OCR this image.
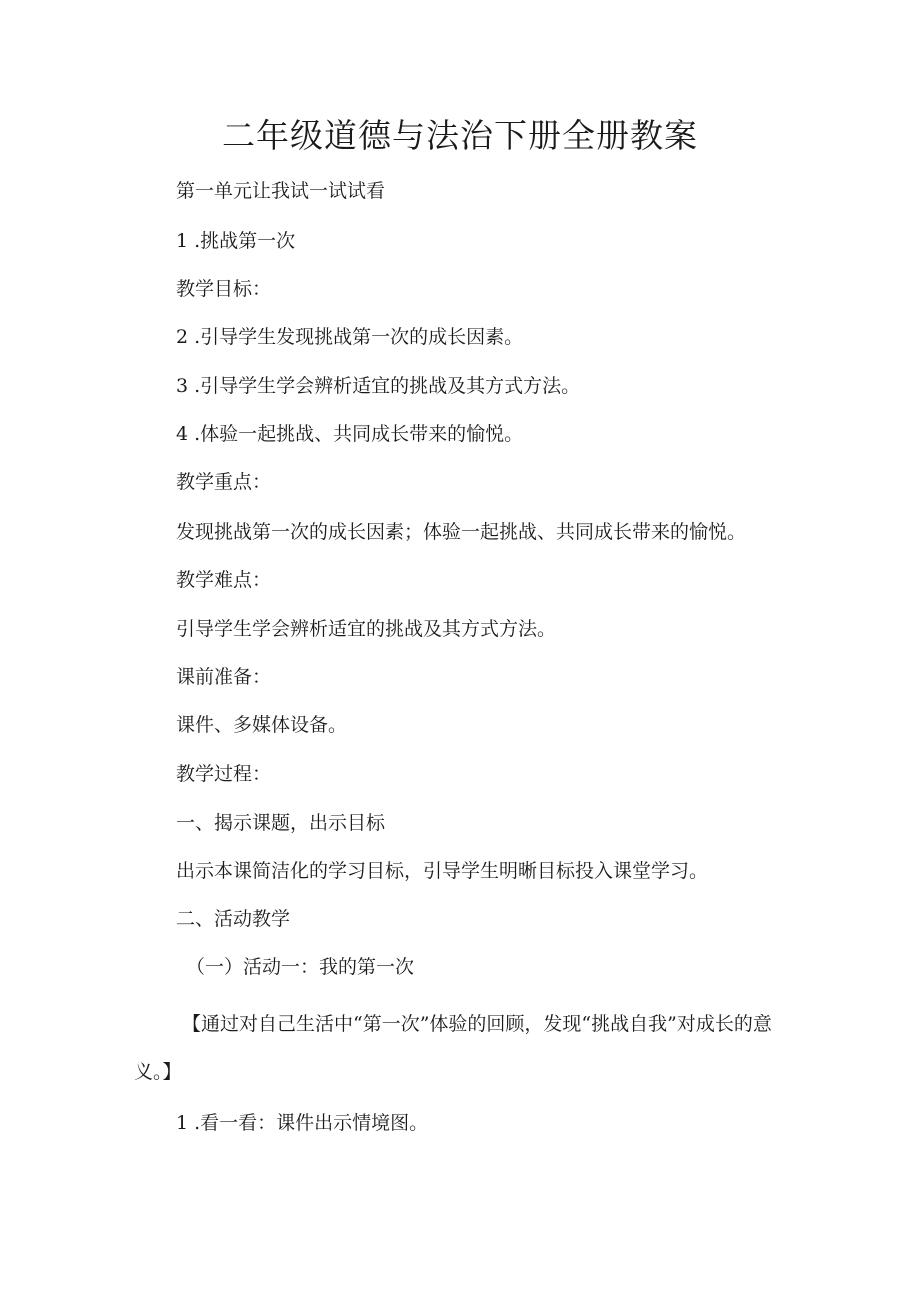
二年级道德与法治下册全册教案
第一单元让我试一试试看
1 .挑战第一次
教学目标：
2 .引导学生发现挑战第一次的成长因素。
3 .引导学生学会辨析适宜的挑战及其方式方法。
4 .体验一起挑战、共同成长带来的愉悦。
教学重点：
发现挑战第一次的成长因素；体验一起挑战、共同成长带来的愉悦。
教学难点：
引导学生学会辨析适宜的挑战及其方式方法。
课前准备：
课件、多媒体设备。
教学过程：
一、揭示课题，出示目标
出示本课简洁化的学习目标，引导学生明晰目标投入课堂学习。
二、活动教学
（一）活动一：我的第一次
【通过对自己生活中“第一次”体验的回顾，发现“挑战自我”对成长的意义。】
1 .看一看：课件出示情境图。
